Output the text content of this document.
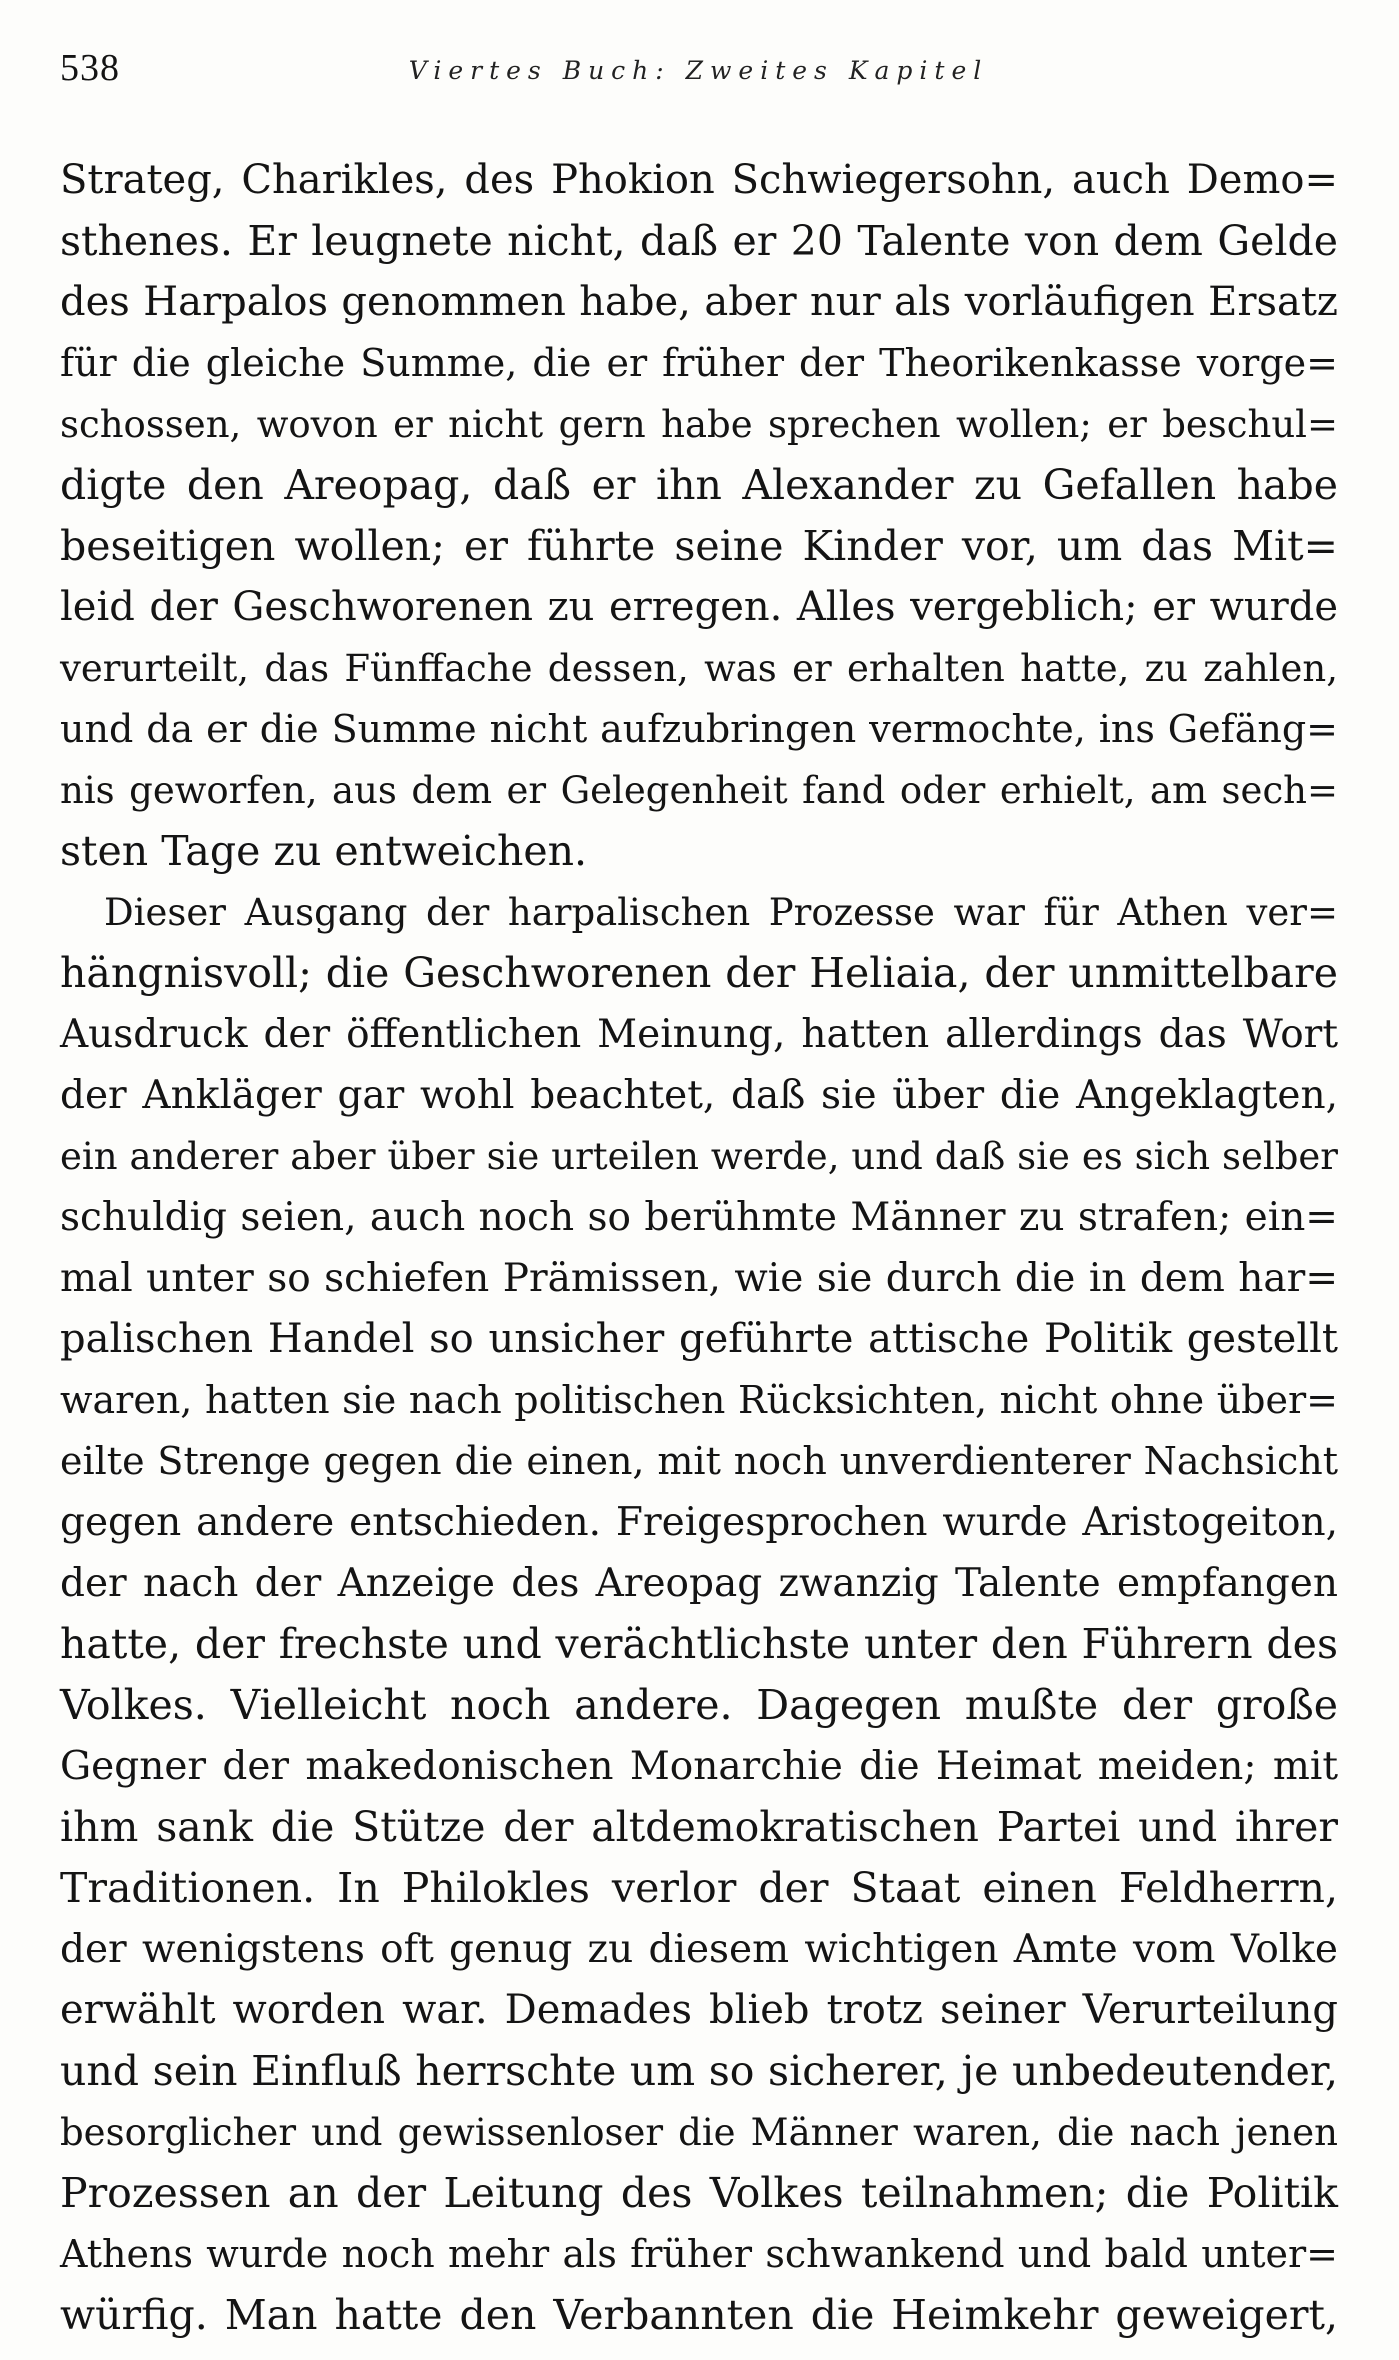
538	Viertes Buch: Zweites Kapitel
Strateg, Charikles, des Phokion Schwiegersohn, auch Demo=
sthenes. Er leugnete nicht, daß er 20 Talente von dem Gelde
des Harpalos genommen habe, aber nur als vorläufigen Ersatz
für die gleiche Summe, die er früher der Theorikenkasse vorge=
schossen, wovon er nicht gern habe sprechen wollen; er beschul=
digte den Areopag, daß er ihn Alexander zu Gefallen habe
beseitigen wollen; er führte seine Kinder vor, um das Mit=
leid der Geschworenen zu erregen. Alles vergeblich; er wurde
verurteilt, das Fünffache dessen, was er erhalten hatte, zu zahlen,
und da er die Summe nicht aufzubringen vermochte, ins Gefäng=
nis geworfen, aus dem er Gelegenheit fand oder erhielt, am sech=
sten Tage zu entweichen.
Dieser Ausgang der harpalischen Prozesse war für Athen ver=
hängnisvoll; die Geschworenen der Heliaia, der unmittelbare
Ausdruck der öffentlichen Meinung, hatten allerdings das Wort
der Ankläger gar wohl beachtet, daß sie über die Angeklagten,
ein anderer aber über sie urteilen werde, und daß sie es sich selber
schuldig seien, auch noch so berühmte Männer zu strafen; ein=
mal unter so schiefen Prämissen, wie sie durch die in dem har=
palischen Handel so unsicher geführte attische Politik gestellt
waren, hatten sie nach politischen Rücksichten, nicht ohne über=
eilte Strenge gegen die einen, mit noch unverdienterer Nachsicht
gegen andere entschieden. Freigesprochen wurde Aristogeiton,
der nach der Anzeige des Areopag zwanzig Talente empfangen
hatte, der frechste und verächtlichste unter den Führern des
Volkes. Vielleicht noch andere. Dagegen mußte der große
Gegner der makedonischen Monarchie die Heimat meiden; mit
ihm sank die Stütze der altdemokratischen Partei und ihrer
Traditionen. In Philokles verlor der Staat einen Feldherrn,
der wenigstens oft genug zu diesem wichtigen Amte vom Volke
erwählt worden war. Demades blieb trotz seiner Verurteilung
und sein Einfluß herrschte um so sicherer, je unbedeutender,
besorglicher und gewissenloser die Männer waren, die nach jenen
Prozessen an der Leitung des Volkes teilnahmen; die Politik
Athens wurde noch mehr als früher schwankend und bald unter=
würfig. Man hatte den Verbannten die Heimkehr geweigert,
